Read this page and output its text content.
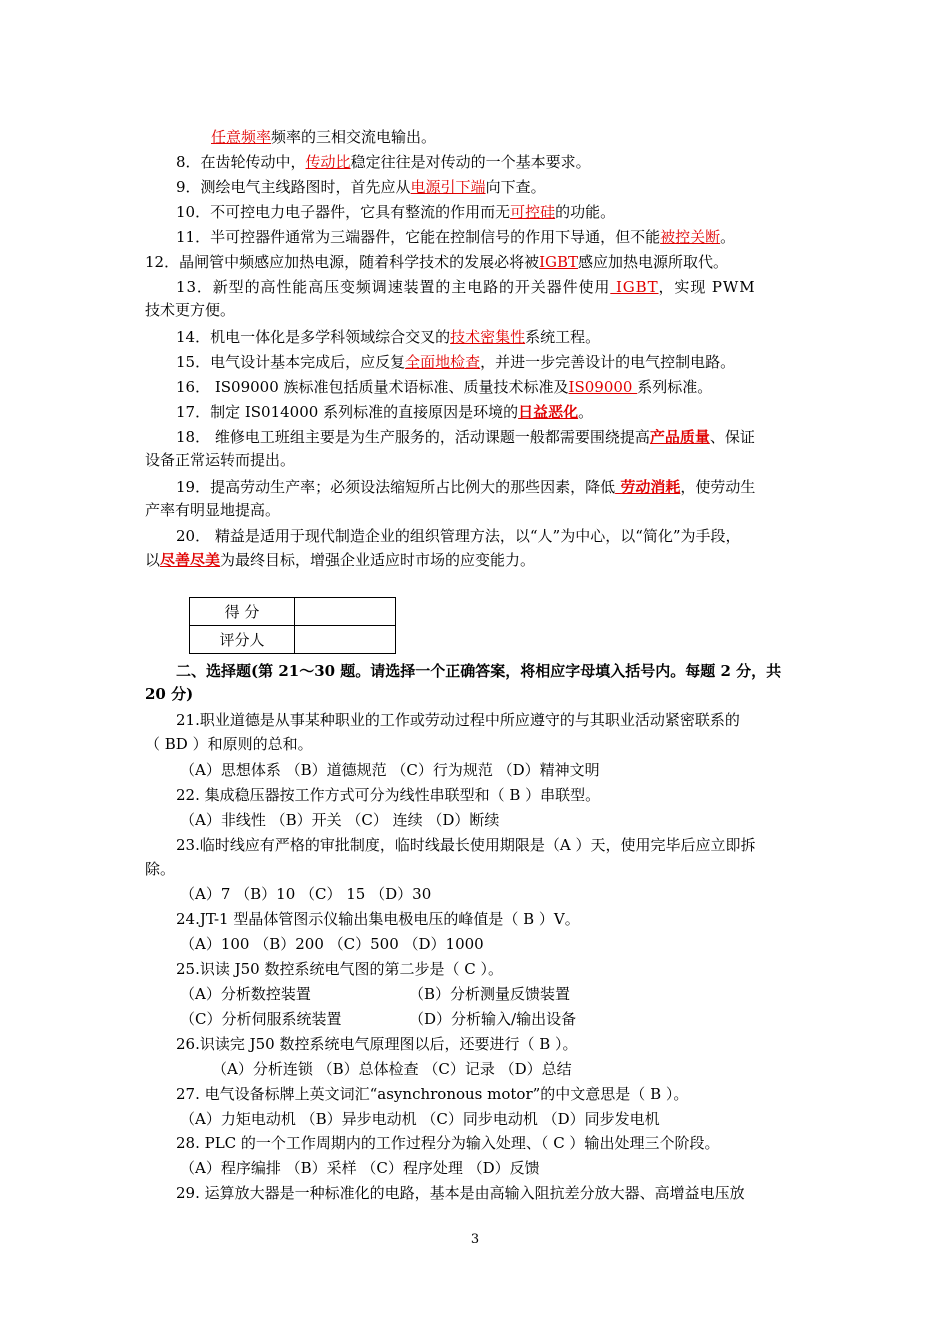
任意频率频率的三相交流电输出。
8．在齿轮传动中，传动比稳定往往是对传动的一个基本要求。
9．测绘电气主线路图时，首先应从电源引下端向下查。
10．不可控电力电子器件，它具有整流的作用而无可控硅的功能。
11．半可控器件通常为三端器件，它能在控制信号的作用下导通，但不能被控关断。
12．晶闸管中频感应加热电源，随着科学技术的发展必将被IGBT感应加热电源所取代。
13．新型的高性能高压变频调速装置的主电路的开关器件使用 IGBT，实现 PWM
技术更方便。
14．机电一体化是多学科领域综合交叉的技术密集性系统工程。
15．电气设计基本完成后，应反复全面地检查，并进一步完善设计的电气控制电路。
16． IS09000 族标准包括质量术语标准、质量技术标准及IS09000 系列标准。
17．制定 IS014000 系列标准的直接原因是环境的日益恶化。
18． 维修电工班组主要是为生产服务的，活动课题一般都需要围绕提高产品质量、保证
设备正常运转而提出。
19．提高劳动生产率；必须设法缩短所占比例大的那些因素，降低 劳动消耗，使劳动生
产率有明显地提高。
20． 精益是适用于现代制造企业的组织管理方法，以“人”为中心，以“简化”为手段，
以尽善尽美为最终目标，增强企业适应时市场的应变能力。
得 分	
评分人	
二、选择题(第 21～30 题。请选择一个正确答案，将相应字母填入括号内。每题 2 分，共
20 分)
21.职业道德是从事某种职业的工作或劳动过程中所应遵守的与其职业活动紧密联系的
（ BD ）和原则的总和。
（A）思想体系 （B）道德规范 （C）行为规范 （D）精神文明
22. 集成稳压器按工作方式可分为线性串联型和（ B ）串联型。
（A）非线性 （B）开关 （C） 连续 （D）断续
23.临时线应有严格的审批制度，临时线最长使用期限是（A ）天，使用完毕后应立即拆
除。
（A）7 （B）10 （C） 15 （D）30
24.JT-1 型晶体管图示仪输出集电极电压的峰值是（ B ）V。
（A）100 （B）200 （C）500 （D）1000
25.识读 J50 数控系统电气图的第二步是（ C ）。
（A）分析数控装置	（B）分析测量反馈装置
（C）分析伺服系统装置	（D）分析输入/输出设备
26.识读完 J50 数控系统电气原理图以后，还要进行（ B ）。
（A）分析连锁 （B）总体检查 （C）记录 （D）总结
27. 电气设备标牌上英文词汇“asynchronous motor”的中文意思是（ B ）。
（A）力矩电动机 （B）异步电动机 （C）同步电动机 （D）同步发电机
28. PLC 的一个工作周期内的工作过程分为输入处理、（ C ）输出处理三个阶段。
（A）程序编排 （B）采样 （C）程序处理 （D）反馈
29. 运算放大器是一种标准化的电路，基本是由高输入阻抗差分放大器、高增益电压放
3
